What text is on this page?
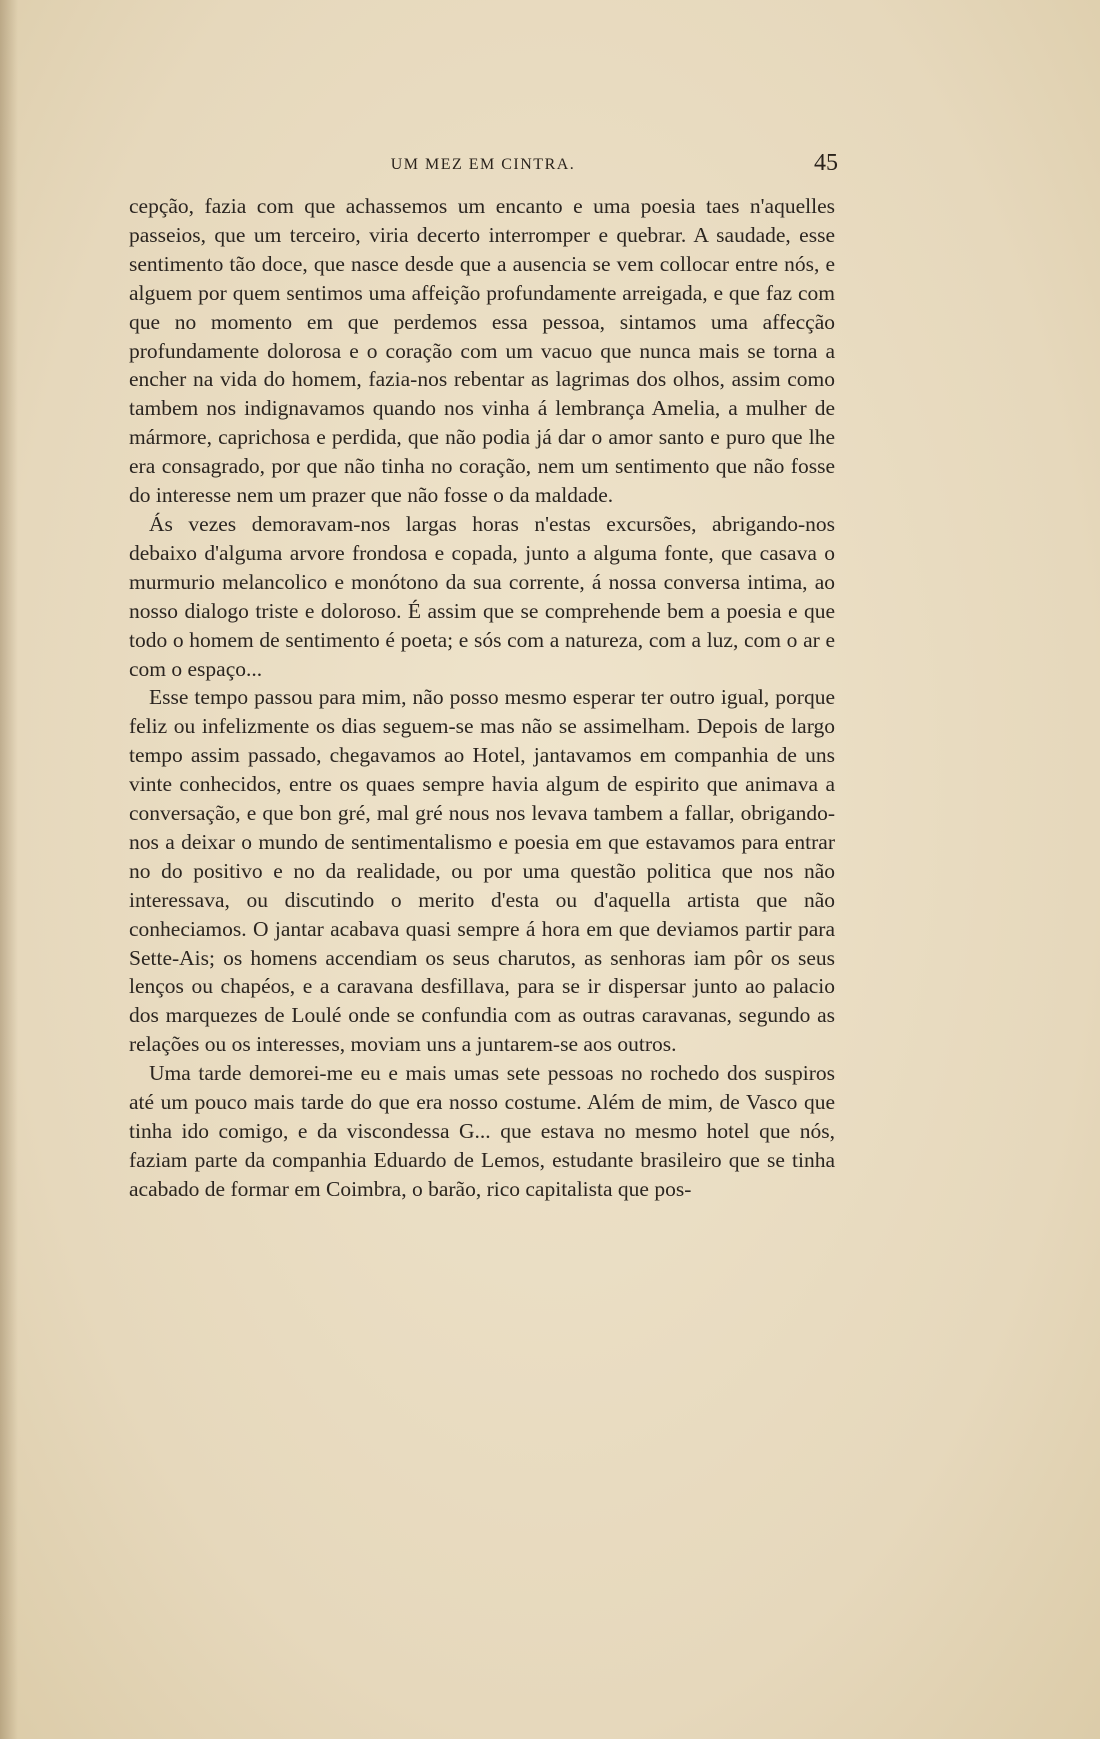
UM MEZ EM CINTRA.	45

cepção, fazia com que achassemos um encanto e uma poesia taes n'aquelles passeios, que um terceiro, viria decerto interromper e quebrar. A saudade, esse sentimento tão doce, que nasce desde que a ausencia se vem collocar entre nós, e alguem por quem sentimos uma affeição profundamente arreigada, e que faz com que no momento em que perdemos essa pessoa, sintamos uma affecção profundamente dolorosa e o coração com um vacuo que nunca mais se torna a encher na vida do homem, fazia-nos rebentar as lagrimas dos olhos, assim como tambem nos indignavamos quando nos vinha á lembrança Amelia, a mulher de mármore, caprichosa e perdida, que não podia já dar o amor santo e puro que lhe era consagrado, por que não tinha no coração, nem um sentimento que não fosse do interesse nem um prazer que não fosse o da maldade.

Ás vezes demoravam-nos largas horas n'estas excursões, abrigando-nos debaixo d'alguma arvore frondosa e copada, junto a alguma fonte, que casava o murmurio melancolico e monótono da sua corrente, á nossa conversa intima, ao nosso dialogo triste e doloroso. É assim que se comprehende bem a poesia e que todo o homem de sentimento é poeta; e sós com a natureza, com a luz, com o ar e com o espaço...

Esse tempo passou para mim, não posso mesmo esperar ter outro igual, porque feliz ou infelizmente os dias seguem-se mas não se assimelham. Depois de largo tempo assim passado, chegavamos ao Hotel, jantavamos em companhia de uns vinte conhecidos, entre os quaes sempre havia algum de espirito que animava a conversação, e que bon gré, mal gré nous nos levava tambem a fallar, obrigando-nos a deixar o mundo de sentimentalismo e poesia em que estavamos para entrar no do positivo e no da realidade, ou por uma questão politica que nos não interessava, ou discutindo o merito d'esta ou d'aquella artista que não conheciamos. O jantar acabava quasi sempre á hora em que deviamos partir para Sette-Ais; os homens accendiam os seus charutos, as senhoras iam pôr os seus lenços ou chapéos, e a caravana desfillava, para se ir dispersar junto ao palacio dos marquezes de Loulé onde se confundia com as outras caravanas, segundo as relações ou os interesses, moviam uns a juntarem-se aos outros.

Uma tarde demorei-me eu e mais umas sete pessoas no rochedo dos suspiros até um pouco mais tarde do que era nosso costume. Além de mim, de Vasco que tinha ido comigo, e da viscondessa G... que estava no mesmo hotel que nós, faziam parte da companhia Eduardo de Lemos, estudante brasileiro que se tinha acabado de formar em Coimbra, o barão, rico capitalista que pos-
